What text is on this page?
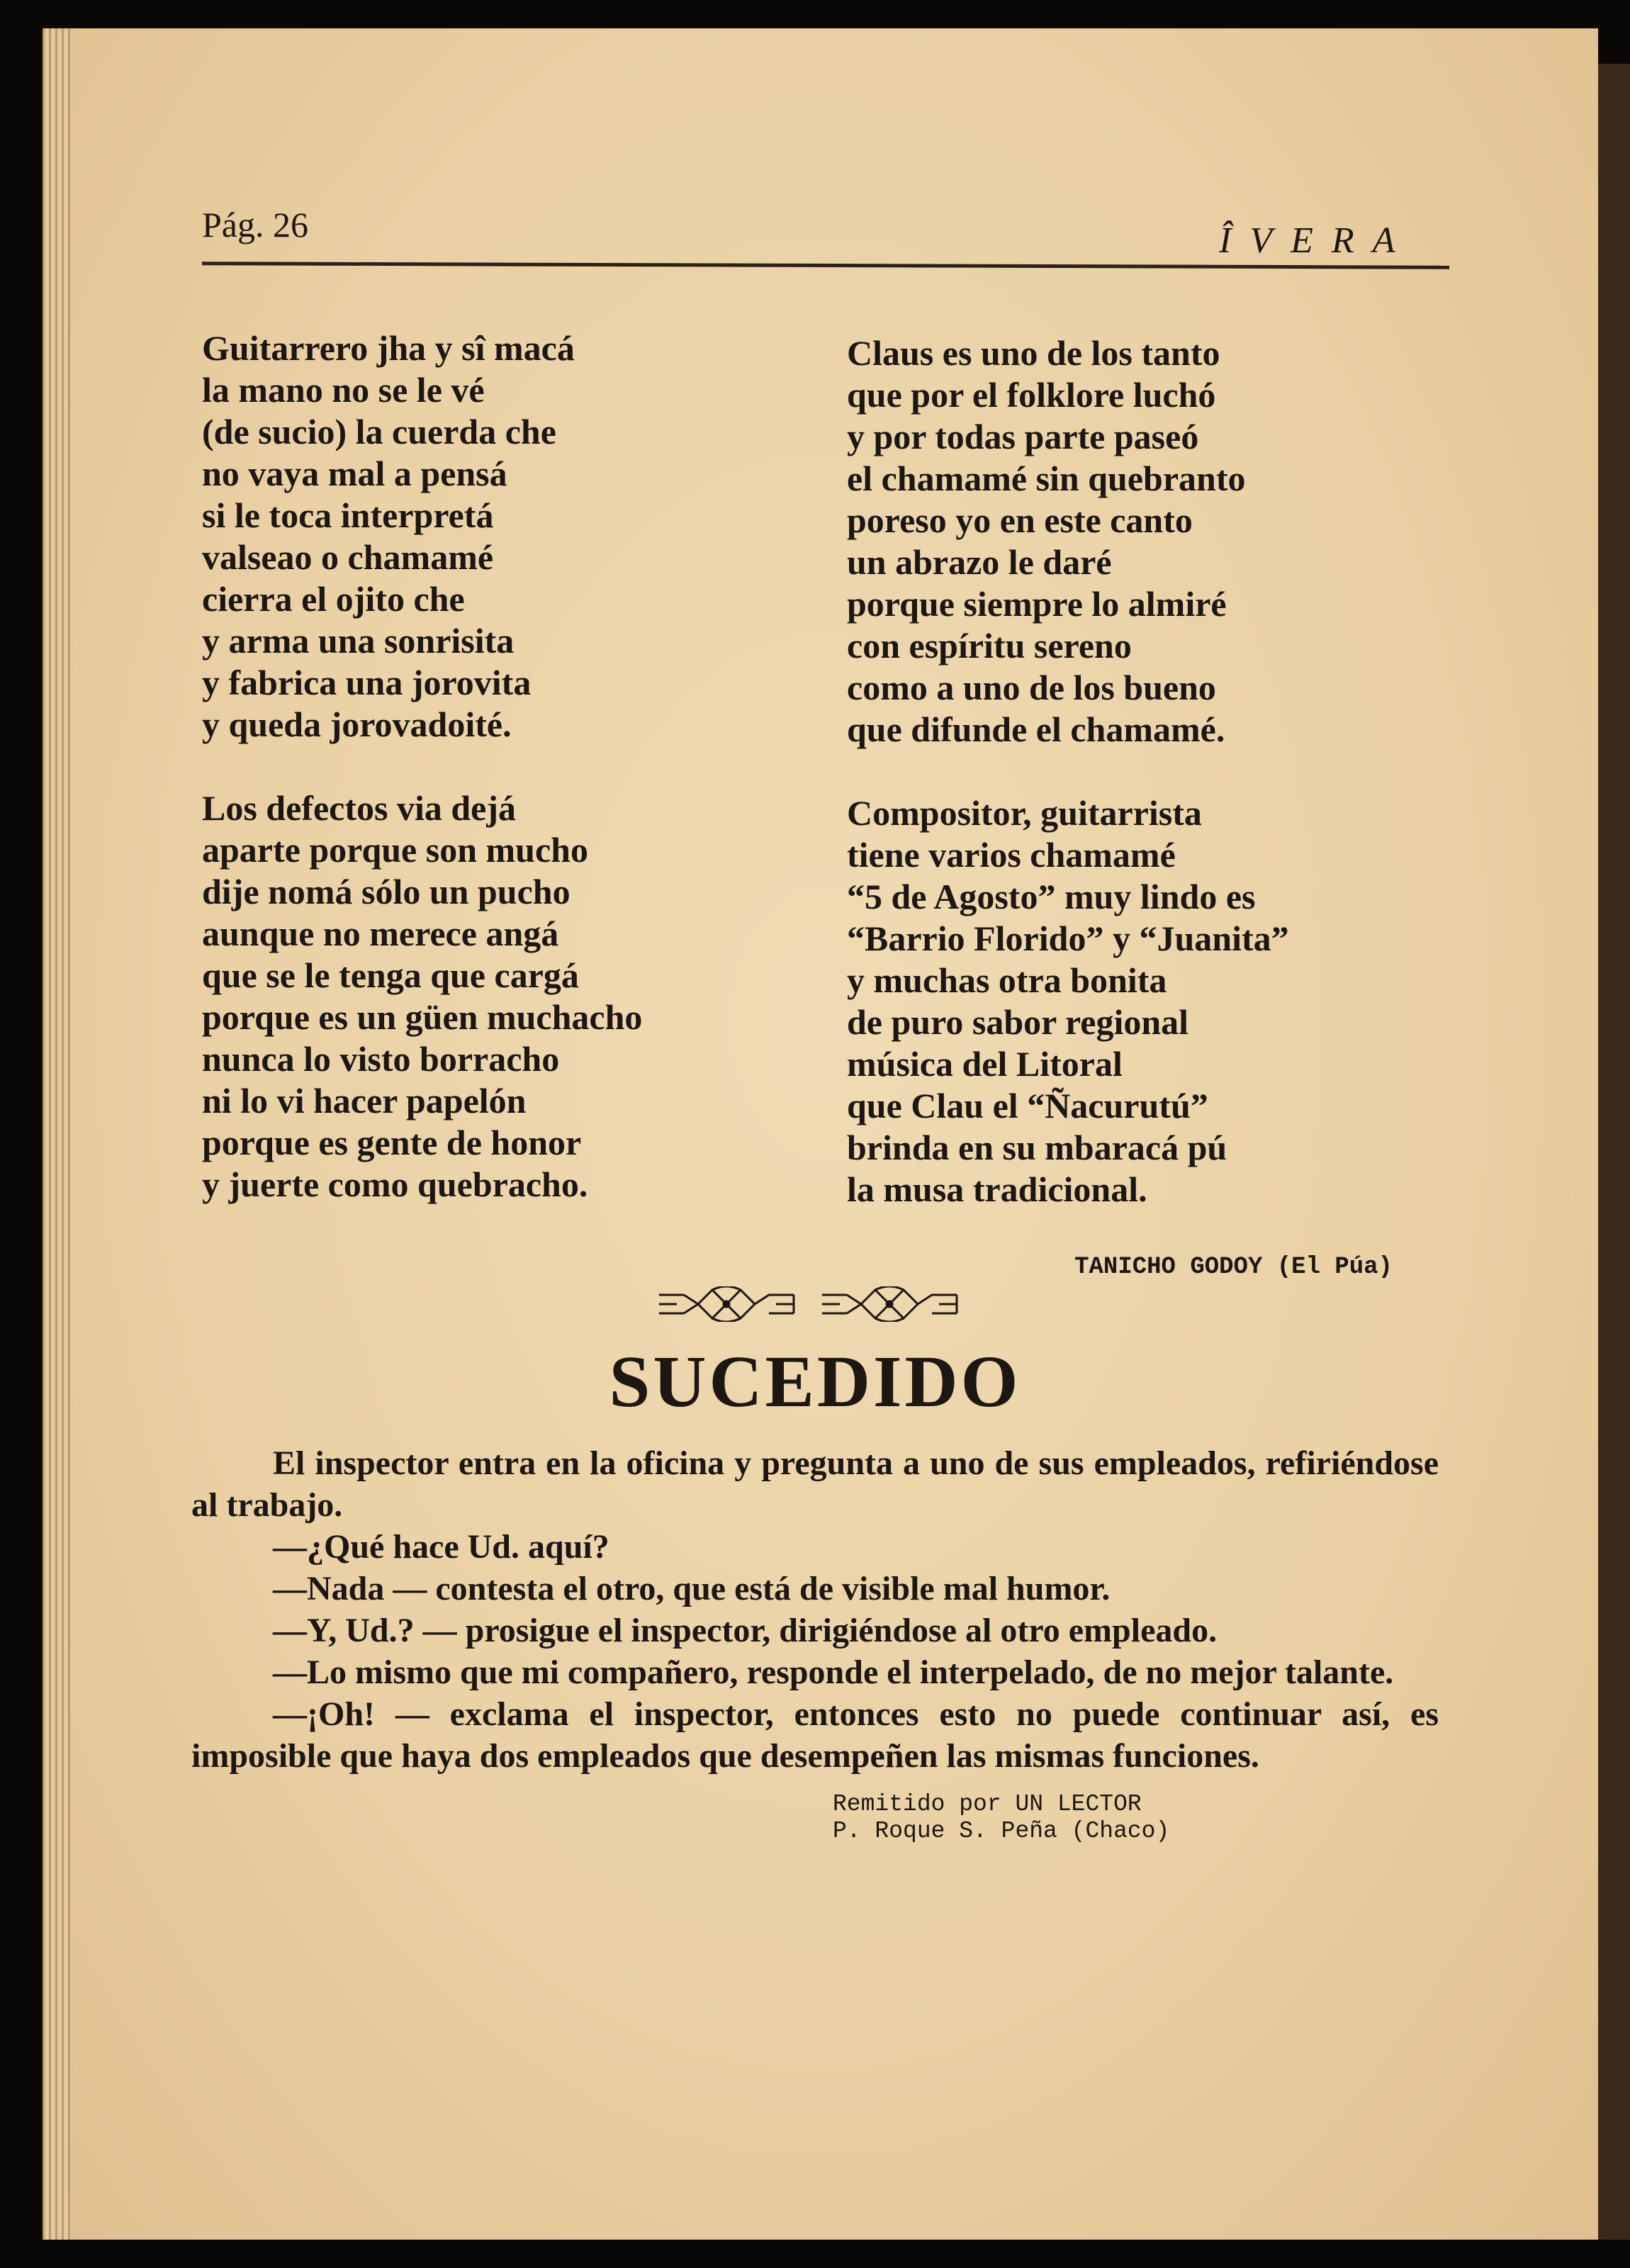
Pág. 26	ÎVERA
Guitarrero jha y sî macá
la mano no se le vé
(de sucio) la cuerda che
no vaya mal a pensá
si le toca interpretá
valseao o chamamé
cierra el ojito che
y arma una sonrisita
y fabrica una jorovita
y queda jorovadoité.
Los defectos via dejá
aparte porque son mucho
dije nomá sólo un pucho
aunque no merece angá
que se le tenga que cargá
porque es un güen muchacho
nunca lo visto borracho
ni lo vi hacer papelón
porque es gente de honor
y juerte como quebracho.
Claus es uno de los tanto
que por el folklore luchó
y por todas parte paseó
el chamamé sin quebranto
poreso yo en este canto
un abrazo le daré
porque siempre lo almiré
con espíritu sereno
como a uno de los bueno
que difunde el chamamé.
Compositor, guitarrista
tiene varios chamamé
“5 de Agosto” muy lindo es
“Barrio Florido” y “Juanita”
y muchas otra bonita
de puro sabor regional
música del Litoral
que Clau el “Ñacurutú”
brinda en su mbaracá pú
la musa tradicional.
TANICHO GODOY (El Púa)
SUCEDIDO

El inspector entra en la oficina y pregunta a uno de sus empleados, refiriéndose al trabajo.

—¿Qué hace Ud. aquí?

—Nada — contesta el otro, que está de visible mal humor.

—Y, Ud.? — prosigue el inspector, dirigiéndose al otro empleado.

—Lo mismo que mi compañero, responde el interpelado, de no mejor talante.

—¡Oh! — exclama el inspector, entonces esto no puede continuar así, es imposible que haya dos empleados que desempeñen las mismas funciones.

Remitido por UN LECTOR
P. Roque S. Peña (Chaco)
